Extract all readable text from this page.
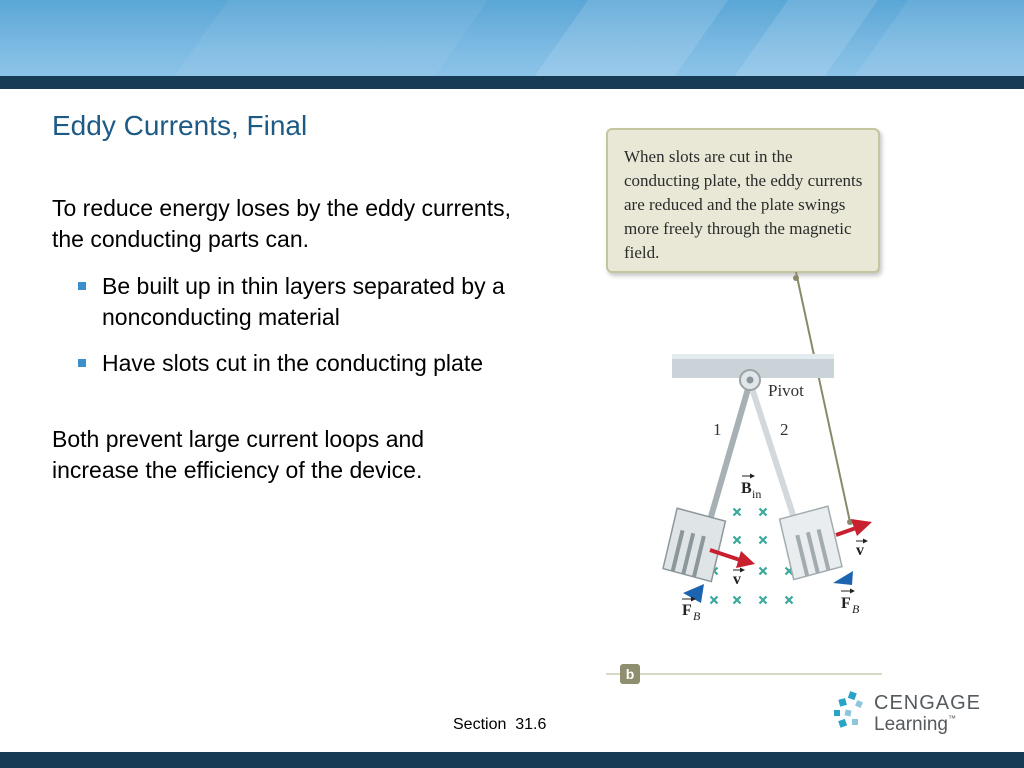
Eddy Currents, Final
To reduce energy loses by the eddy currents, the conducting parts can.
Be built up in thin layers separated by a nonconducting material
Have slots cut in the conducting plate
Both prevent large current loops and increase the efficiency of the device.
When slots are cut in the conducting plate, the eddy currents are reduced and the plate swings more freely through the magnetic field.
B in
v
v
F B
F B
Pivot
1	2
b
Section  31.6
CENGAGE
Learning™
